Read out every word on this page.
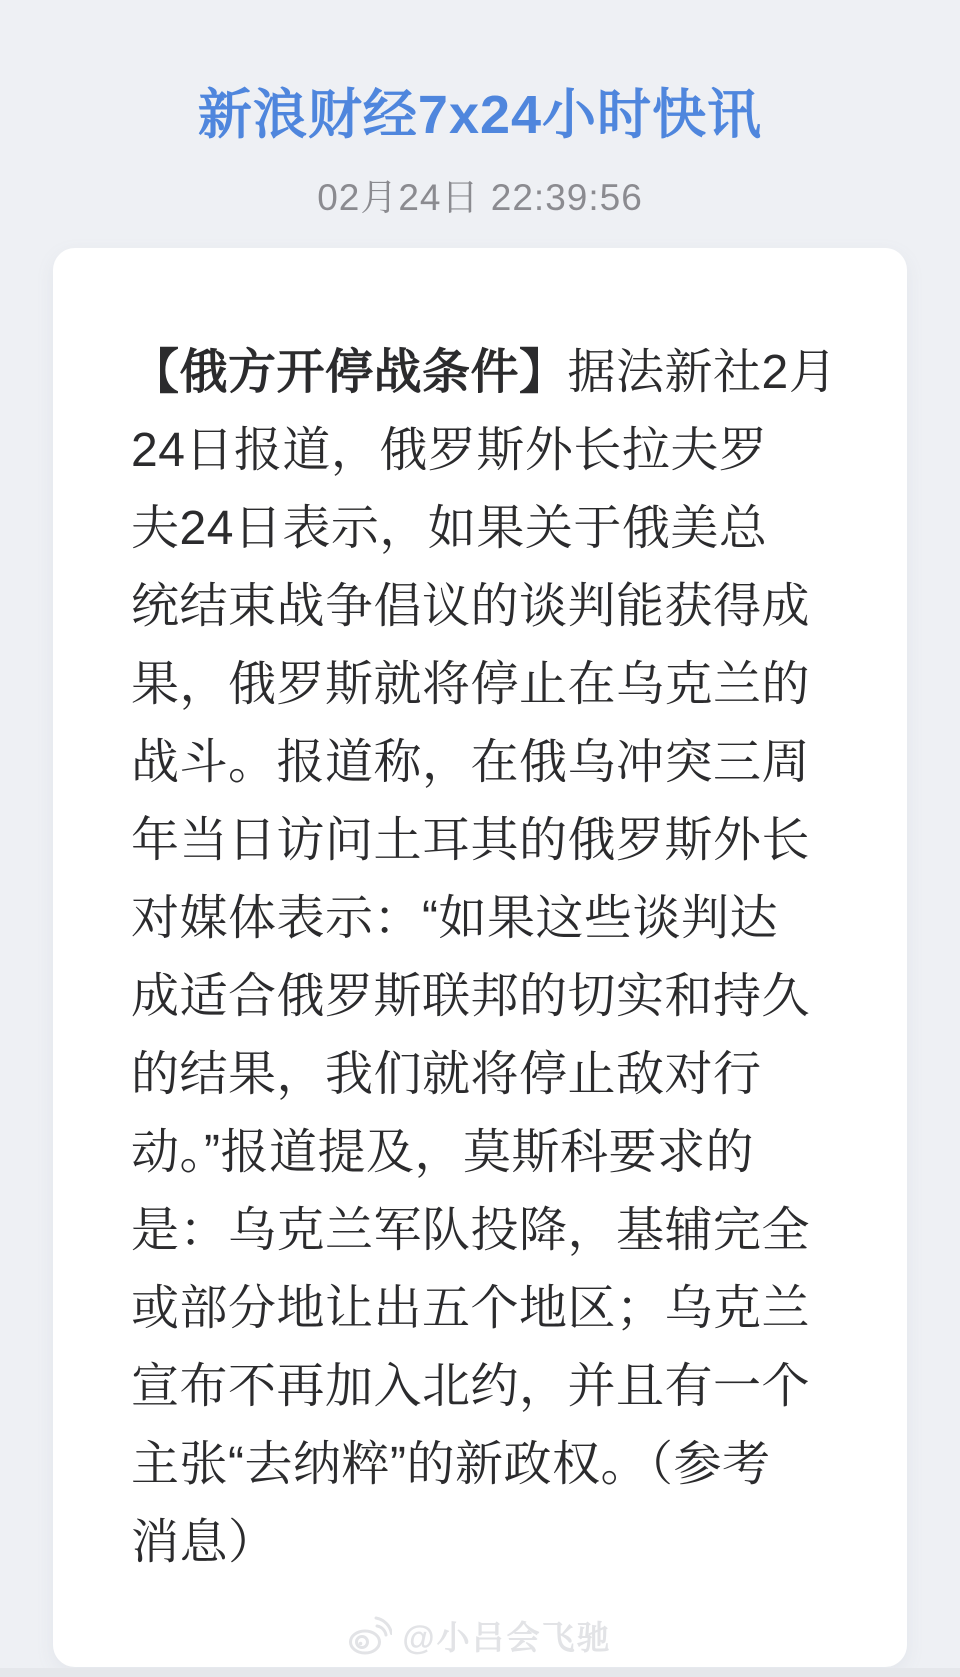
新浪财经7x24小时快讯
02月24日 22:39:56
【俄方开停战条件】据法新社2月
24日报道，俄罗斯外长拉夫罗
夫24日表示，如果关于俄美总
统结束战争倡议的谈判能获得成
果，俄罗斯就将停止在乌克兰的
战斗。报道称，在俄乌冲突三周
年当日访问土耳其的俄罗斯外长
对媒体表示：“如果这些谈判达
成适合俄罗斯联邦的切实和持久
的结果，我们就将停止敌对行
动。”报道提及，莫斯科要求的
是：乌克兰军队投降，基辅完全
或部分地让出五个地区；乌克兰
宣布不再加入北约，并且有一个
主张“去纳粹”的新政权。（参考
消息）
@小吕会飞驰
